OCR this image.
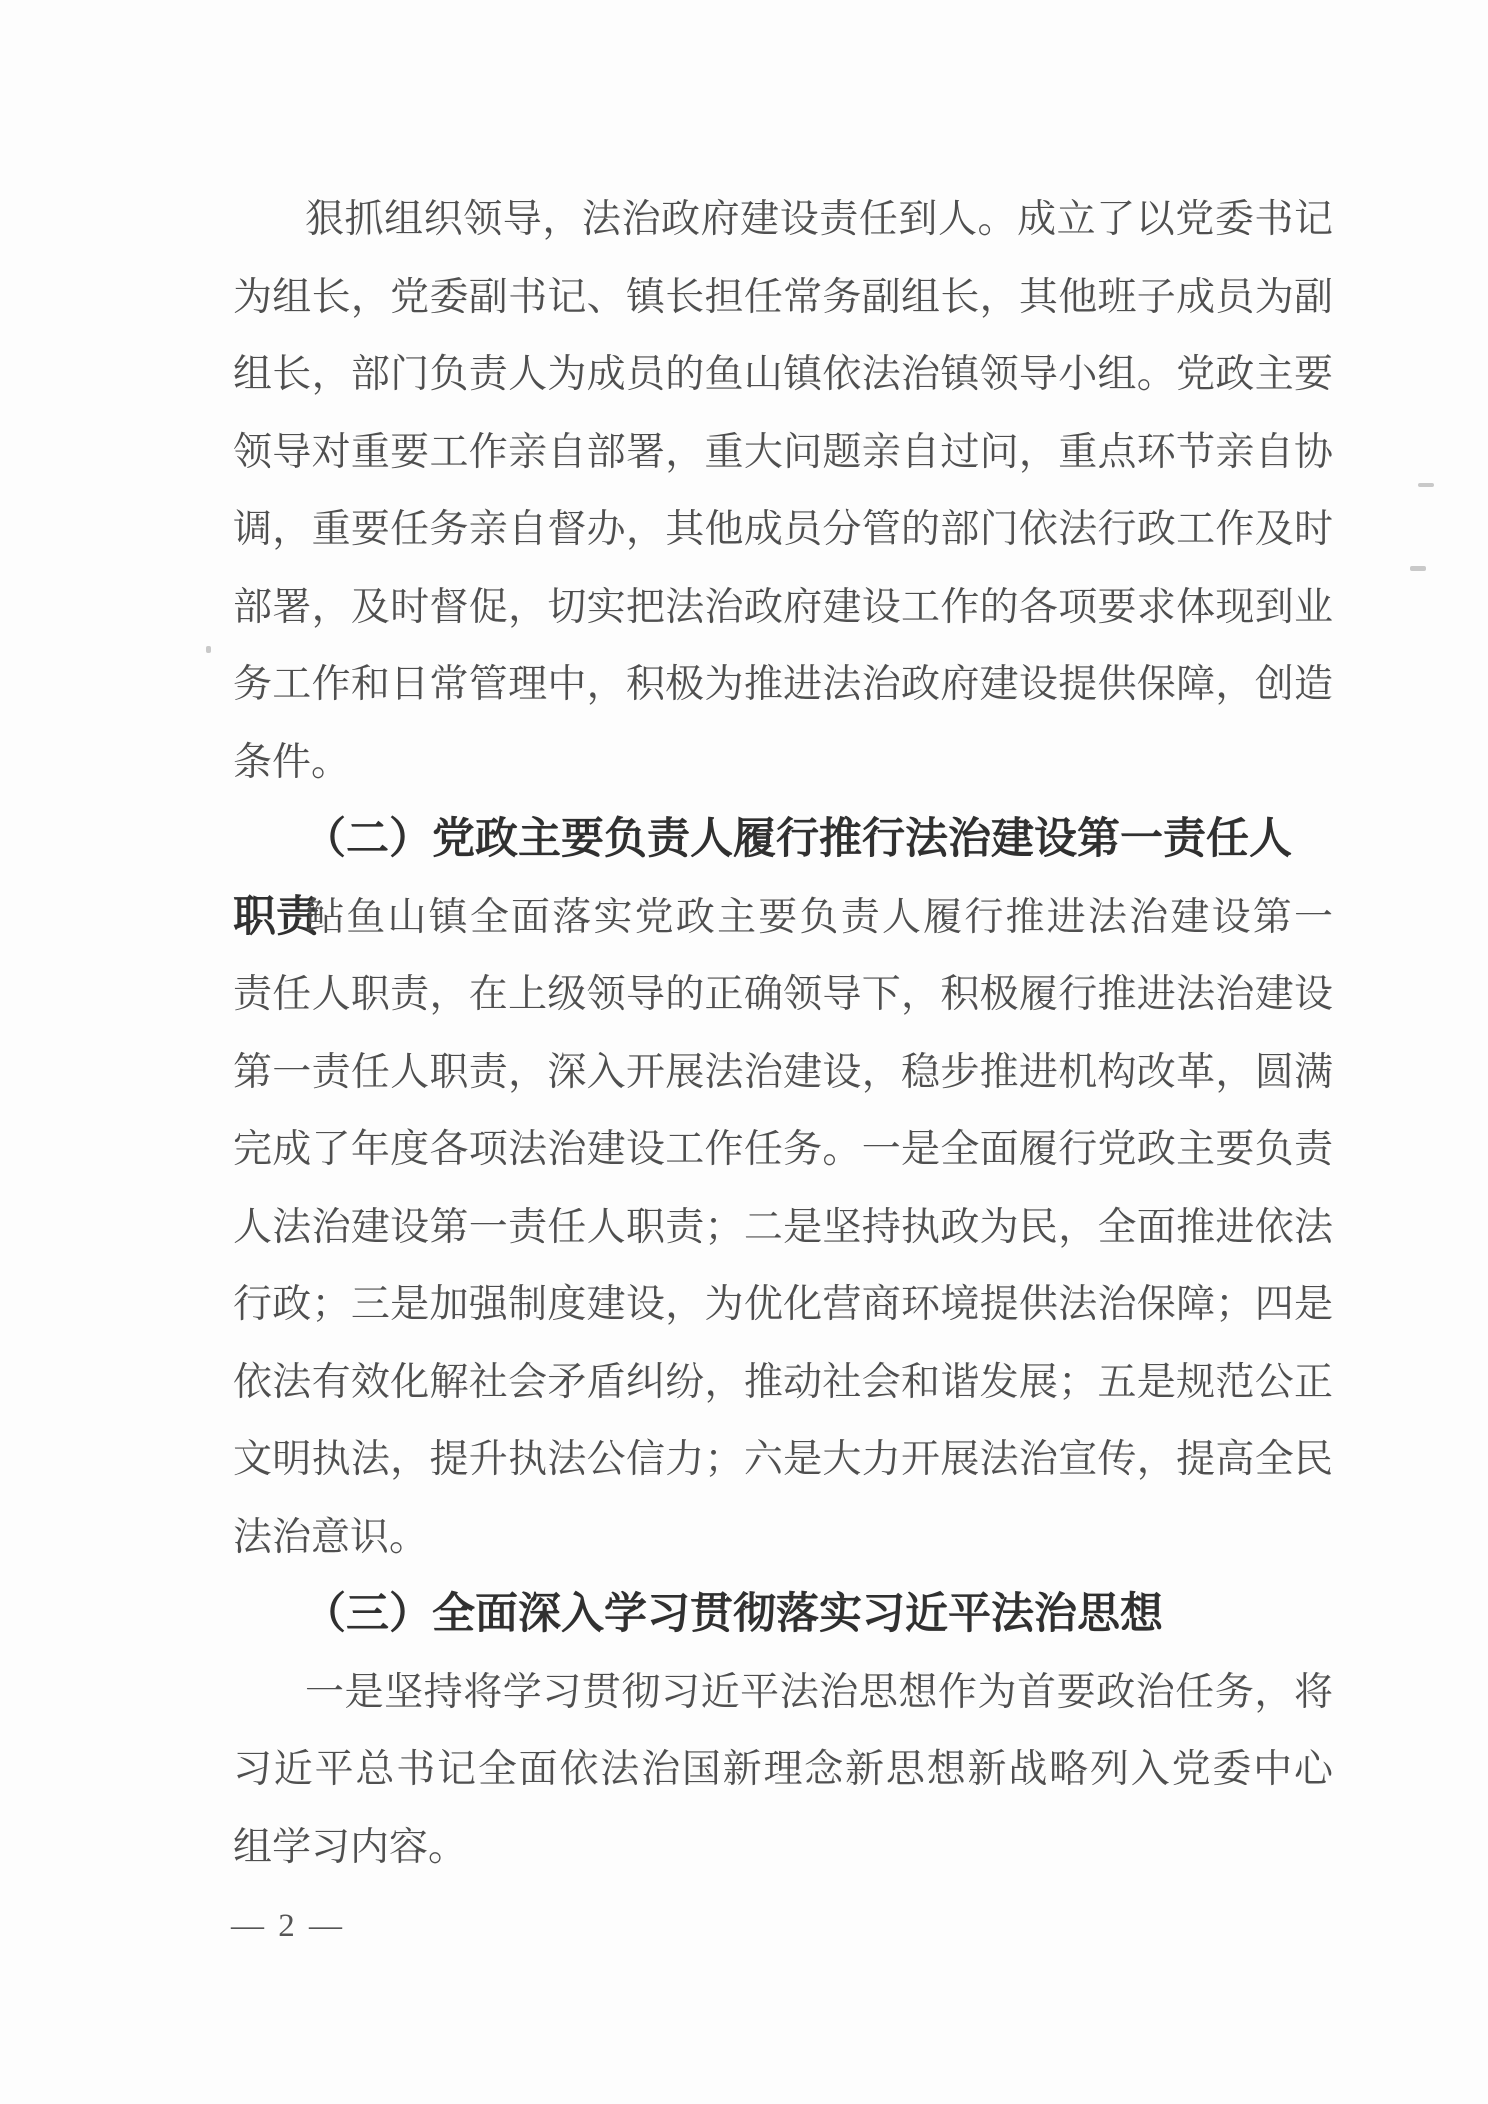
狠抓组织领导，法治政府建设责任到人。成立了以党委书记
为组长，党委副书记、镇长担任常务副组长，其他班子成员为副
组长，部门负责人为成员的鱼山镇依法治镇领导小组。党政主要
领导对重要工作亲自部署，重大问题亲自过问，重点环节亲自协
调，重要任务亲自督办，其他成员分管的部门依法行政工作及时
部署，及时督促，切实把法治政府建设工作的各项要求体现到业
务工作和日常管理中，积极为推进法治政府建设提供保障，创造
条件。
（二）党政主要负责人履行推行法治建设第一责任人职责
鲇鱼山镇全面落实党政主要负责人履行推进法治建设第一
责任人职责，在上级领导的正确领导下，积极履行推进法治建设
第一责任人职责，深入开展法治建设，稳步推进机构改革，圆满
完成了年度各项法治建设工作任务。一是全面履行党政主要负责
人法治建设第一责任人职责；二是坚持执政为民，全面推进依法
行政；三是加强制度建设，为优化营商环境提供法治保障；四是
依法有效化解社会矛盾纠纷，推动社会和谐发展；五是规范公正
文明执法，提升执法公信力；六是大力开展法治宣传，提高全民
法治意识。
（三）全面深入学习贯彻落实习近平法治思想
一是坚持将学习贯彻习近平法治思想作为首要政治任务，将
习近平总书记全面依法治国新理念新思想新战略列入党委中心
组学习内容。
— 2 —
